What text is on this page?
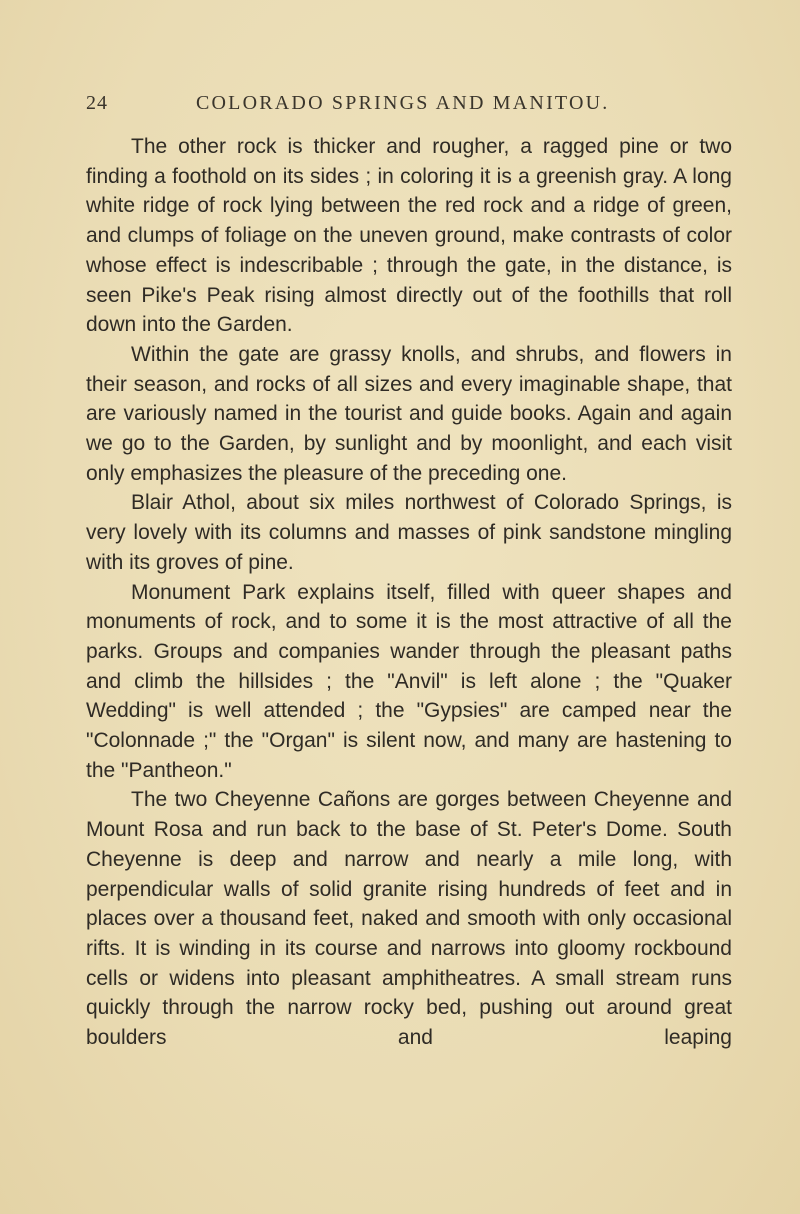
24	COLORADO SPRINGS AND MANITOU.

The other rock is thicker and rougher, a ragged pine or two finding a foothold on its sides ; in coloring it is a greenish gray. A long white ridge of rock lying between the red rock and a ridge of green, and clumps of foliage on the uneven ground, make contrasts of color whose effect is indescribable ; through the gate, in the distance, is seen Pike's Peak rising almost directly out of the foothills that roll down into the Garden.

Within the gate are grassy knolls, and shrubs, and flowers in their season, and rocks of all sizes and every imaginable shape, that are variously named in the tourist and guide books. Again and again we go to the Garden, by sunlight and by moonlight, and each visit only emphasizes the pleasure of the preceding one.

Blair Athol, about six miles northwest of Colorado Springs, is very lovely with its columns and masses of pink sandstone mingling with its groves of pine.

Monument Park explains itself, filled with queer shapes and monuments of rock, and to some it is the most attractive of all the parks. Groups and companies wander through the pleasant paths and climb the hillsides ; the "Anvil" is left alone ; the "Quaker Wedding" is well attended ; the "Gypsies" are camped near the "Colonnade ;" the "Organ" is silent now, and many are hastening to the "Pantheon."

The two Cheyenne Cañons are gorges between Cheyenne and Mount Rosa and run back to the base of St. Peter's Dome. South Cheyenne is deep and narrow and nearly a mile long, with perpendicular walls of solid granite rising hundreds of feet and in places over a thousand feet, naked and smooth with only occasional rifts. It is winding in its course and narrows into gloomy rockbound cells or widens into pleasant amphitheatres. A small stream runs quickly through the narrow rocky bed, pushing out around great boulders and leaping
